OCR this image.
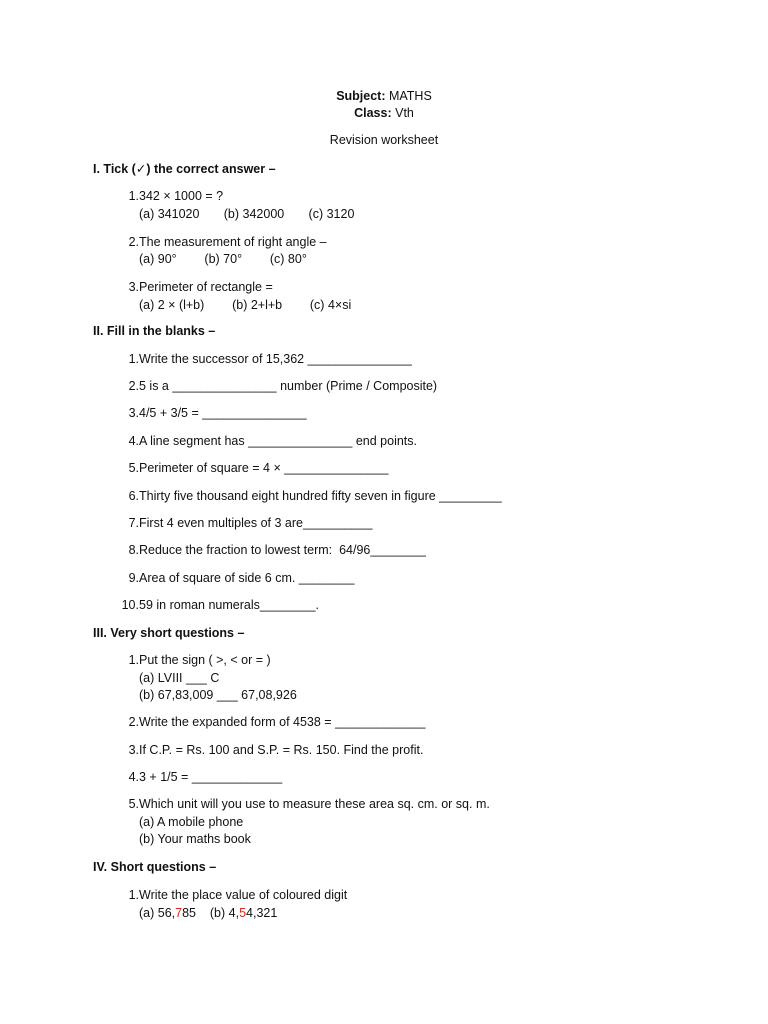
Subject: MATHS
Class: Vth
Revision worksheet
I. Tick (✓) the correct answer –
1. 342 × 1000 = ?
(a) 341020       (b) 342000       (c) 3120
2. The measurement of right angle –
(a) 90°        (b) 70°        (c) 80°
3. Perimeter of rectangle =
(a) 2 × (l+b)        (b) 2+l+b        (c) 4×si
II. Fill in the blanks –
1. Write the successor of 15,362 _______________
2. 5 is a _______________ number (Prime / Composite)
3. 4/5 + 3/5 = _______________
4. A line segment has _______________ end points.
5. Perimeter of square = 4 × _______________
6. Thirty five thousand eight hundred fifty seven in figure _________
7. First 4 even multiples of 3 are__________
8. Reduce the fraction to lowest term:  64/96________
9. Area of square of side 6 cm. ________
10. 59 in roman numerals________.
III. Very short questions –
1. Put the sign ( >, < or = )
(a) LVIII ___ C
(b) 67,83,009 ___ 67,08,926
2. Write the expanded form of 4538 = _____________
3. If C.P. = Rs. 100 and S.P. = Rs. 150. Find the profit.
4. 3 + 1/5 = _____________
5. Which unit will you use to measure these area sq. cm. or sq. m.
(a) A mobile phone
(b) Your maths book
IV. Short questions –
1. Write the place value of coloured digit
(a) 56,785    (b) 4,54,321
